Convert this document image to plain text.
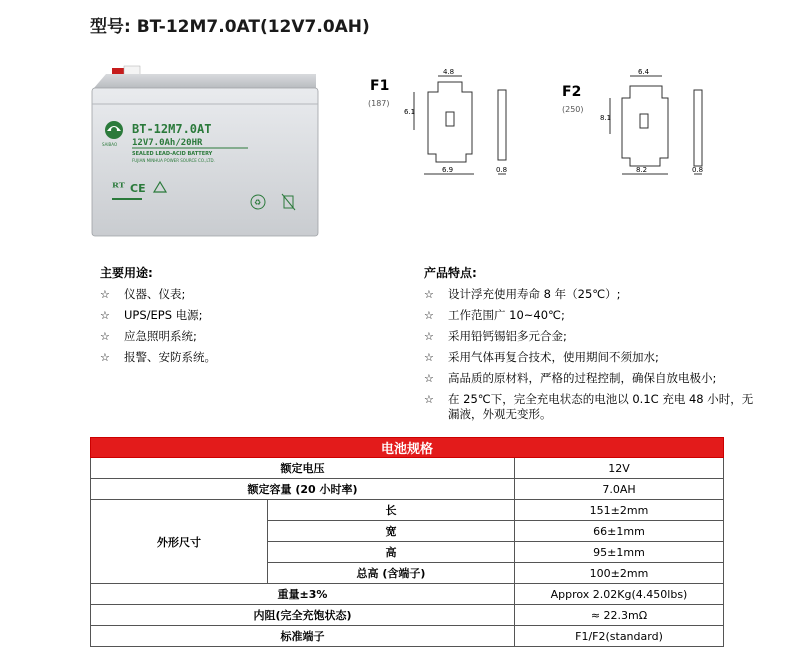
型号: BT-12M7.0AT(12V7.0AH)
SAIBAO
BT-12M7.0AT
12V7.0Ah/20HR
SEALED LEAD-ACID BATTERY
FUJIAN MINHUA POWER SOURCE CO.,LTD.
ᴿᵁ CE
♻
F1
(187)
4.8
6.1
6.9	0.8
F2
(250)
6.4
8.1
8.2	0.8
主要用途:
☆ 仪器、仪表;
☆ UPS/EPS 电源;
☆ 应急照明系统;
☆ 报警、安防系统。
产品特点:
☆ 设计浮充使用寿命 8 年（25℃）;
☆ 工作范围广 10~40℃;
☆ 采用铅钙锡铝多元合金;
☆ 采用气体再复合技术，使用期间不须加水;
☆ 高品质的原材料，严格的过程控制，确保自放电极小;
☆ 在 25℃下，完全充电状态的电池以 0.1C 充电 48 小时，无漏液，外观无变形。
电池规格		
额定电压		12V
额定容量 (20 小时率)		7.0AH
外形尺寸	长	151±2mm
	宽	66±1mm
	高	95±1mm
	总高 (含端子)	100±2mm
重量±3%		Approx 2.02Kg(4.450lbs)
内阻(完全充饱状态)		≈ 22.3mΩ
标准端子		F1/F2(standard)
